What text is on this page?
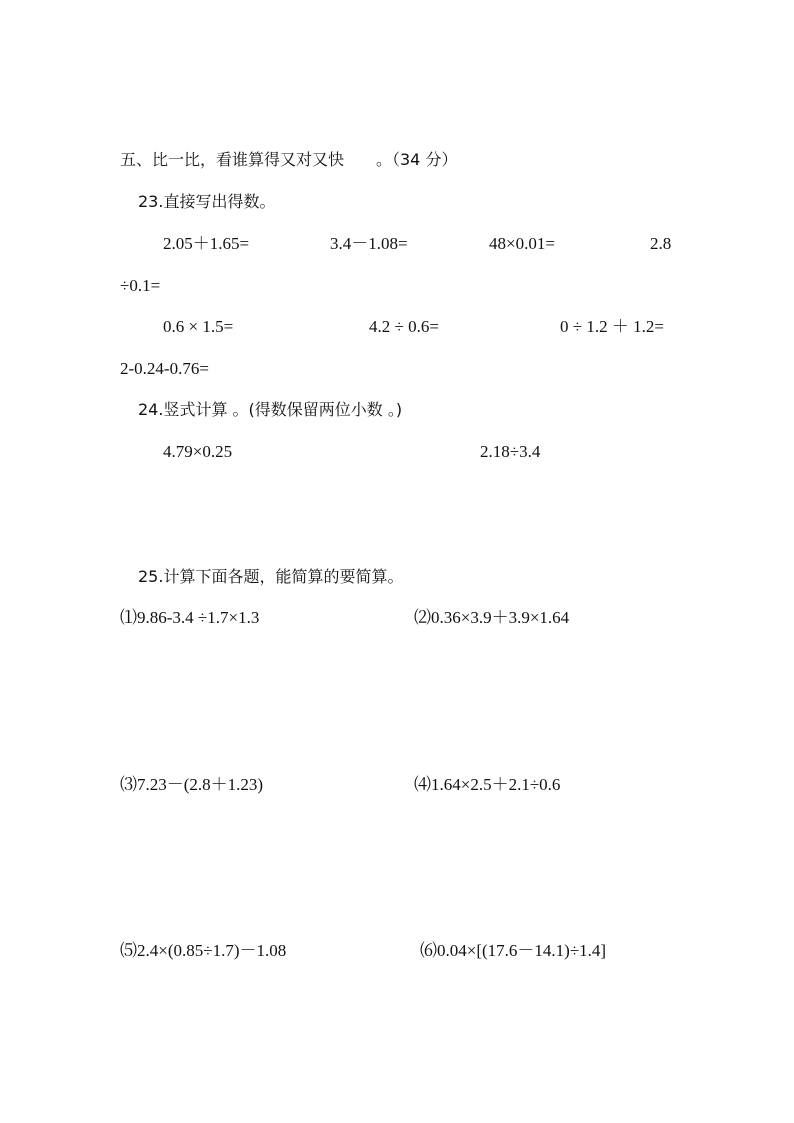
五、比一比，看谁算得又对又快　　。（34 分）
23.直接写出得数。
2.05＋1.65=	3.4－1.08=	48×0.01=	2.8
÷0.1=
0.6 × 1.5=	4.2 ÷ 0.6=	0 ÷ 1.2 ＋ 1.2=
2-0.24-0.76=
24.竖式计算 。(得数保留两位小数 。)
4.79×0.25	2.18÷3.4
25.计算下面各题，能简算的要简算。
⑴9.86-3.4 ÷1.7×1.3	⑵0.36×3.9＋3.9×1.64
⑶7.23－(2.8＋1.23)	⑷1.64×2.5＋2.1÷0.6
⑸2.4×(0.85÷1.7)－1.08	⑹0.04×[(17.6－14.1)÷1.4]
